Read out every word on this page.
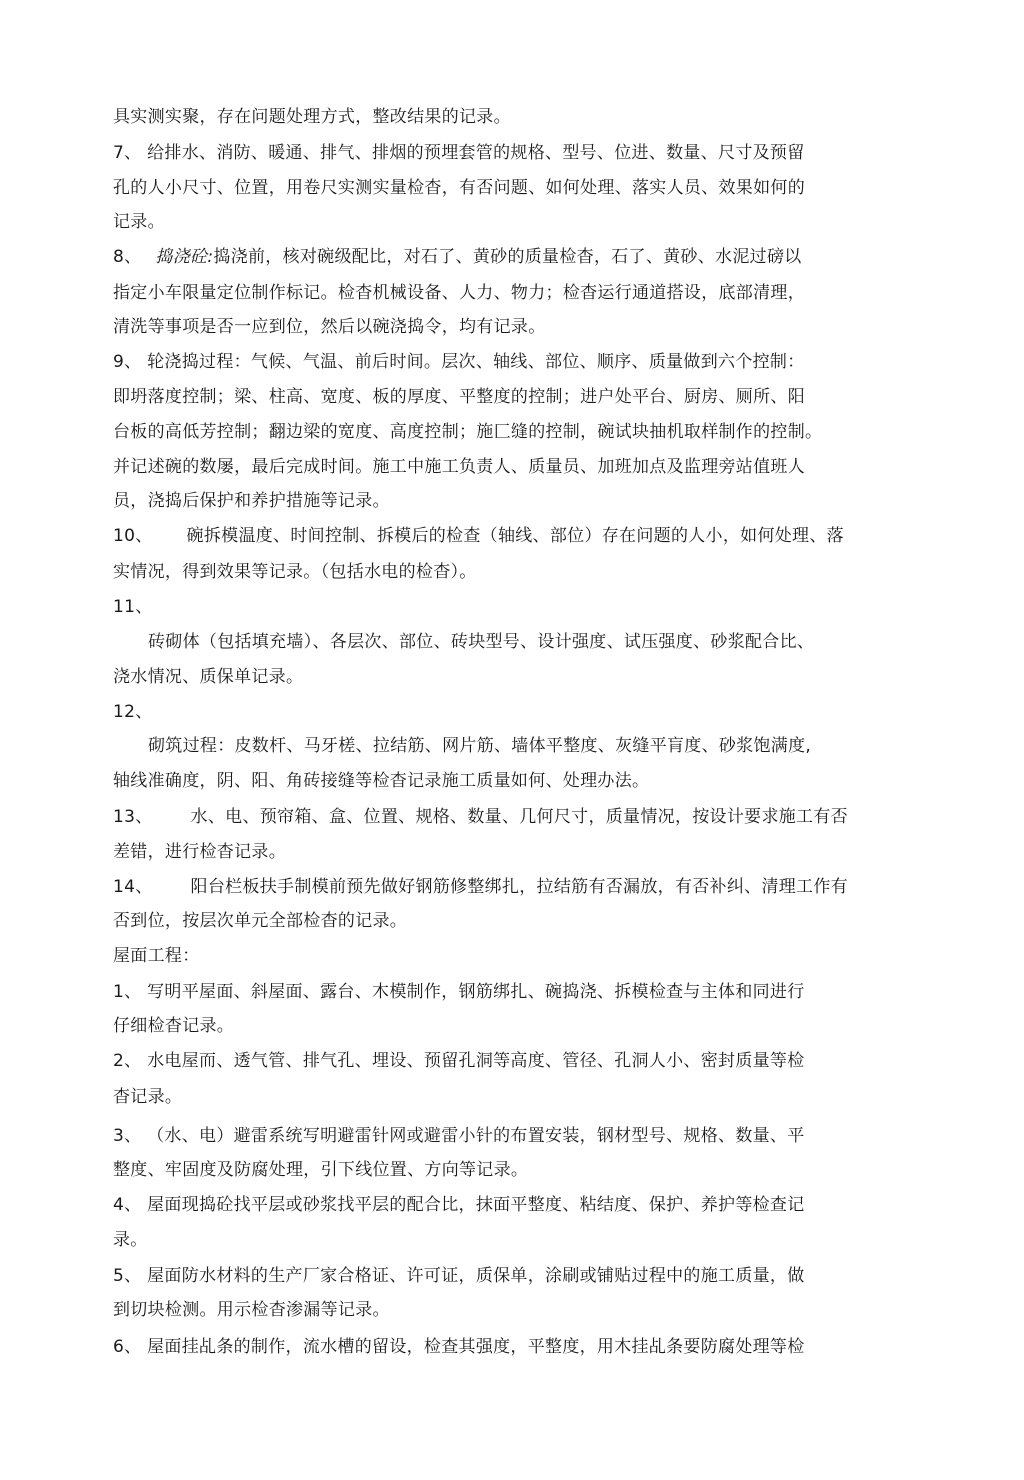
具实测实聚，存在问题处理方式，整改结果的记录。
7、 给排水、消防、暖通、排气、排烟的预埋套管的规格、型号、位进、数量、尺寸及预留
孔的人小尺寸、位置，用卷尺实测实量检杳，有否问题、如何处理、落实人员、效果如何的
记录。
8、 捣浇砼:捣浇前，核对碗级配比，对石了、黄砂的质量检杳，石了、黄砂、水泥过磅以
指定小车限量定位制作标记。检杳机械设备、人力、物力；检杳运行通道搭设，底部清理，
清洗等事项是否一应到位，然后以碗浇捣令，均有记录。
9、 轮浇捣过程：气候、气温、前后时间。层次、轴线、部位、顺序、质量做到六个控制：
即坍落度控制；梁、柱高、宽度、板的厚度、平整度的控制；进户处平台、厨房、厕所、阳
台板的高低芳控制；翻边梁的宽度、高度控制；施匚缝的控制，碗试块抽机取样制作的控制。
并记述碗的数屡，最后完成时间。施工中施工负责人、质量员、加班加点及监理旁站值班人
员，浇捣后保护和养护措施等记录。
10、 碗拆模温度、时间控制、拆模后的检查（轴线、部位）存在问题的人小，如何处理、落
实情况，得到效果等记录。（包括水电的检杳）。
11、
砖砌体（包括填充墙）、各层次、部位、砖块型号、设计强度、试压强度、砂浆配合比、
浇水情况、质保单记录。
12、
砌筑过程：皮数杆、马牙槎、拉结筋、网片筋、墙体平整度、灰缝平肓度、砂浆饱满度,
轴线准确度，阴、阳、角砖接缝等检杳记录施工质量如何、处理办法。
13、 水、电、预帘箱、盒、位置、规格、数量、几何尺寸，质量情况，按设计要求施工有否
差错，进行检杳记录。
14、 阳台栏板扶手制模前预先做好钢筋修整绑扎，拉结筋有否漏放，有否补纠、清理工作有
否到位，按层次单元全部检杳的记录。
屋面工程：
1、 写明平屋面、斜屋面、露台、木模制作，钢筋绑扎、碗捣浇、拆模检查与主体和同进行
仔细检杳记录。
2、 水电屋而、透气管、排气孔、埋设、预留孔洞等高度、管径、孔洞人小、密封质量等检
杳记录。
3、 （水、电）避雷系统写明避雷针网或避雷小针的布置安装，钢材型号、规格、数量、平
整度、牢固度及防腐处理，引下线位置、方向等记录。
4、 屋面现捣砼找平层或砂浆找平层的配合比，抹面平整度、粘结度、保护、养护等检查记
录。
5、 屋面防水材料的生产厂家合格证、许可证，质保单，涂刷或铺贴过程中的施工质量，做
到切块检测。用示检杳渗漏等记录。
6、 屋面挂乩条的制作，流水槽的留设，检查其强度，平整度，用木挂乩条要防腐处理等检
